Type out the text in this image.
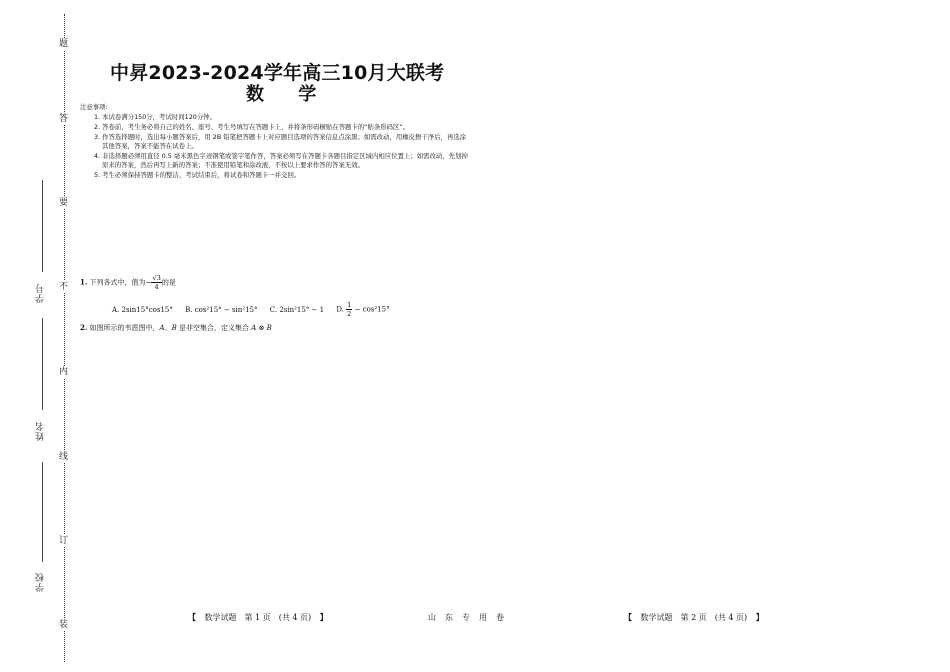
题
答
要
不
内
线
订
装
学号
姓名
学校
中昇2023-2024学年高三10月大联考
数 学
注意事项:
1. 本试卷满分150分，考试时间120分钟。
2. 答卷前，考生务必将自己的姓名、座号、考生号填写在答题卡上，并将条形码横贴在答题卡的“贴条形码区”。
3. 作答选择题时，选出每小题答案后，用 2B 铅笔把答题卡上对应题目选项的答案信息点涂黑；如需改动，用橡皮擦干净后，再选涂其他答案，答案不能答在试卷上。
4. 非选择题必须用直径 0.5 毫米黑色字迹钢笔或签字笔作答，答案必须写在答题卡各题目指定区域内相应位置上；如需改动，先划掉原来的答案，然后再写上新的答案；不准使用铅笔和涂改液，不按以上要求作答的答案无效。
5. 考生必须保持答题卡的整洁，考试结束后，将试卷和答题卡一并交回。
1. 下列各式中，值为− $\frac{√3}{4}$ 的是
A. 2sin15°cos15° B. cos²15° − sin²15° C. 2sin²15° − 1 D. $\frac{1}{2} - \cos^215^\circ$
2. 如图所示的韦恩图中，A、B 是非空集合，定义集合 A ⊗ B
【 数学试题　第 1 页　(共 4 页) 】	山东专用卷	【 数学试题　第 2 页　(共 4 页) 】
